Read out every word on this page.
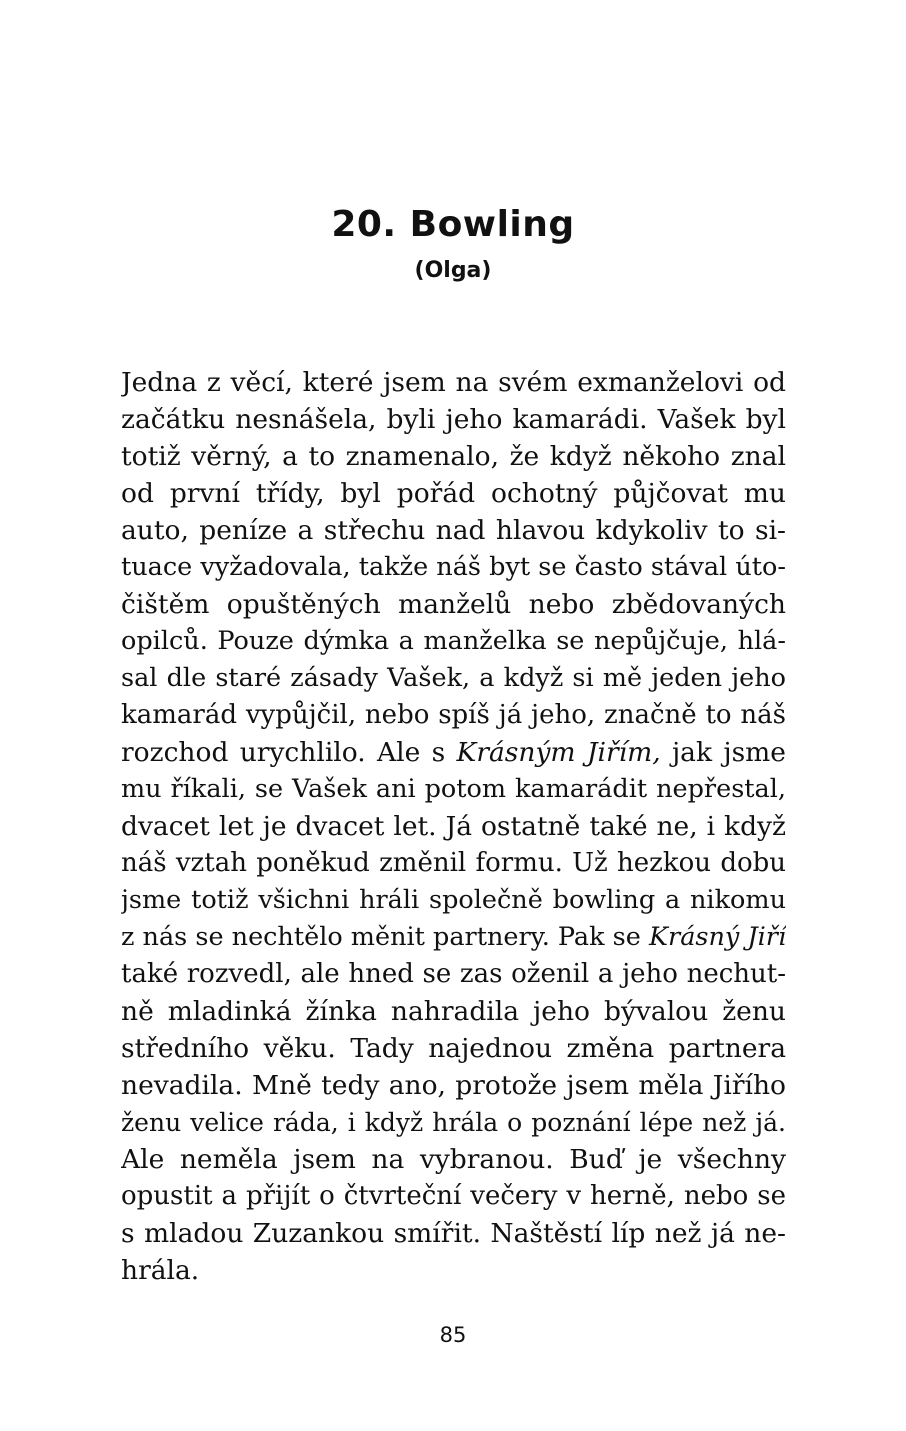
20. Bowling
(Olga)
Jedna z věcí, které jsem na svém exmanželovi od
začátku nesnášela, byli jeho kamarádi. Vašek byl
totiž věrný, a to znamenalo, že když někoho znal
od první třídy, byl pořád ochotný půjčovat mu
auto, peníze a střechu nad hlavou kdykoliv to si-
tuace vyžadovala, takže náš byt se často stával úto-
čištěm opuštěných manželů nebo zbědovaných
opilců. Pouze dýmka a manželka se nepůjčuje, hlá-
sal dle staré zásady Vašek, a když si mě jeden jeho
kamarád vypůjčil, nebo spíš já jeho, značně to náš
rozchod urychlilo. Ale s Krásným Jiřím, jak jsme
mu říkali, se Vašek ani potom kamarádit nepřestal,
dvacet let je dvacet let. Já ostatně také ne, i když
náš vztah poněkud změnil formu. Už hezkou dobu
jsme totiž všichni hráli společně bowling a nikomu
z nás se nechtělo měnit partnery. Pak se Krásný Jiří
také rozvedl, ale hned se zas oženil a jeho nechut-
ně mladinká žínka nahradila jeho bývalou ženu
středního věku. Tady najednou změna partnera
nevadila. Mně tedy ano, protože jsem měla Jiřího
ženu velice ráda, i když hrála o poznání lépe než já.
Ale neměla jsem na vybranou. Buď je všechny
opustit a přijít o čtvrteční večery v herně, nebo se
s mladou Zuzankou smířit. Naštěstí líp než já ne-
hrála.
85
